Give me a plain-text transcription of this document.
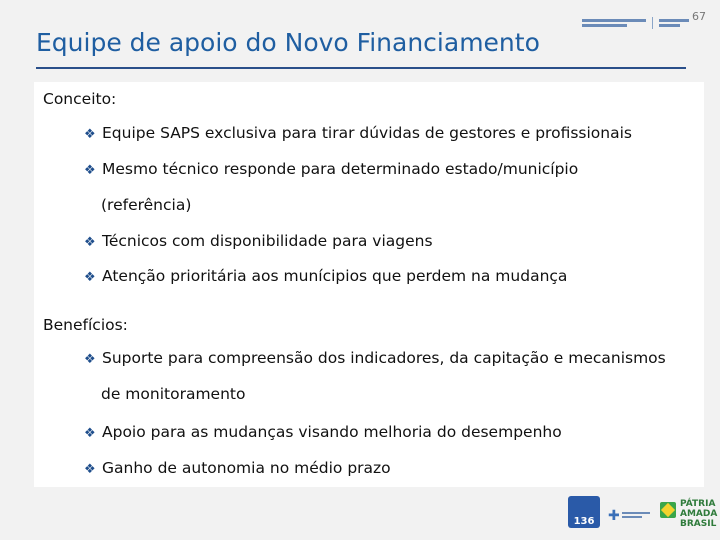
Equipe de apoio do Novo Financiamento
67
Conceito:
❖ Equipe SAPS exclusiva para tirar dúvidas de gestores e profissionais
❖ Mesmo técnico responde para determinado estado/município
(referência)
❖ Técnicos com disponibilidade para viagens
❖ Atenção prioritária aos munícipios que perdem na mudança
Benefícios:
❖ Suporte para compreensão dos indicadores, da capitação e mecanismos
de monitoramento
❖ Apoio para as mudanças visando melhoria do desempenho
❖ Ganho de autonomia no médio prazo
136 ✚
PÁTRIA AMADA
BRASIL
